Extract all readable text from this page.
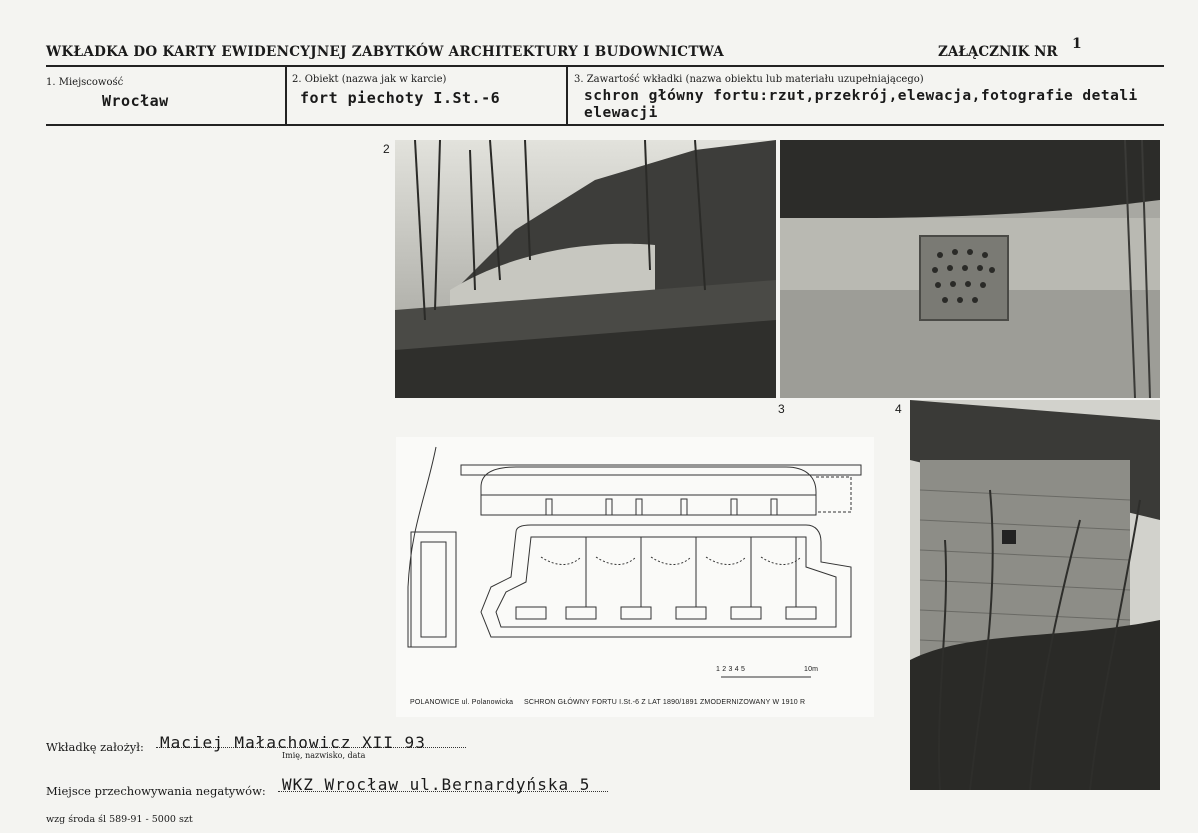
WKŁADKA DO KARTY EWIDENCYJNEJ ZABYTKÓW ARCHITEKTURY I BUDOWNICTWA	ZAŁĄCZNIK NR 1
1. Miejscowość
Wrocław
2. Obiekt (nazwa jak w karcie)
fort piechoty I.St.-6
3. Zawartość wkładki (nazwa obiektu lub materiału uzupełniającego)
schron główny fortu:rzut,przekrój,elewacja,fotografie detali
elewacji
2
3
1 2 3 4 5	10m
POLANOWICE ul. Polanowicka SCHRON GŁÓWNY FORTU I.St.-6 Z LAT 1890/1891 ZMODERNIZOWANY W 1910 R
4
Wkładkę założył: Maciej Małachowicz XII 93
Imię, nazwisko, data
Miejsce przechowywania negatywów: WKZ Wrocław ul.Bernardyńska 5
wzg środa śl 589-91 - 5000 szt
